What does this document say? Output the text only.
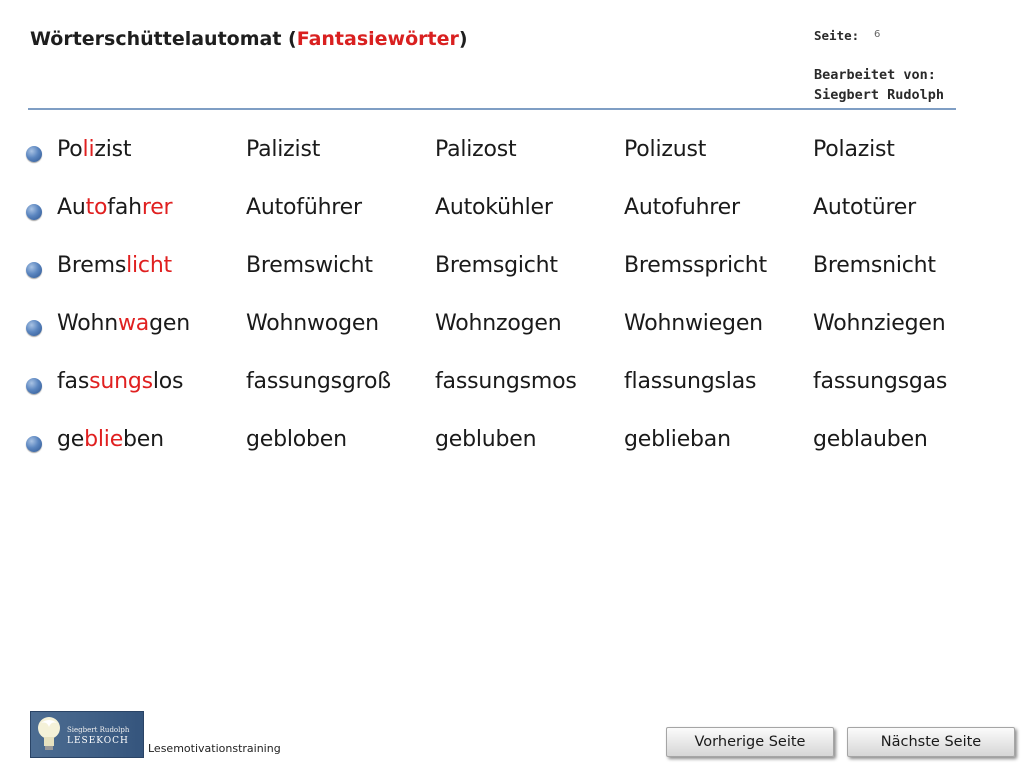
Wörterschüttelautomat (Fantasiewörter)	Seite: 6
Bearbeitet von:
Siegbert Rudolph
Polizist	Palizist	Palizost	Polizust	Polazist
Autofahrer	Autoführer	Autokühler	Autofuhrer	Autotürer
Bremslicht	Bremswicht	Bremsgicht	Bremsspricht Bremsnicht
Wohnwagen	Wohnwogen	Wohnzogen	Wohnwiegen Wohnziegen
fassungslos	fassungsgroß fassungsmos flassungslas	fassungsgas
geblieben	gebloben	gebluben	geblieban	geblauben
Siegbert Rudolph
LESEKOCH
Lesemotivationstraining	Vorherige Seite	Nächste Seite
